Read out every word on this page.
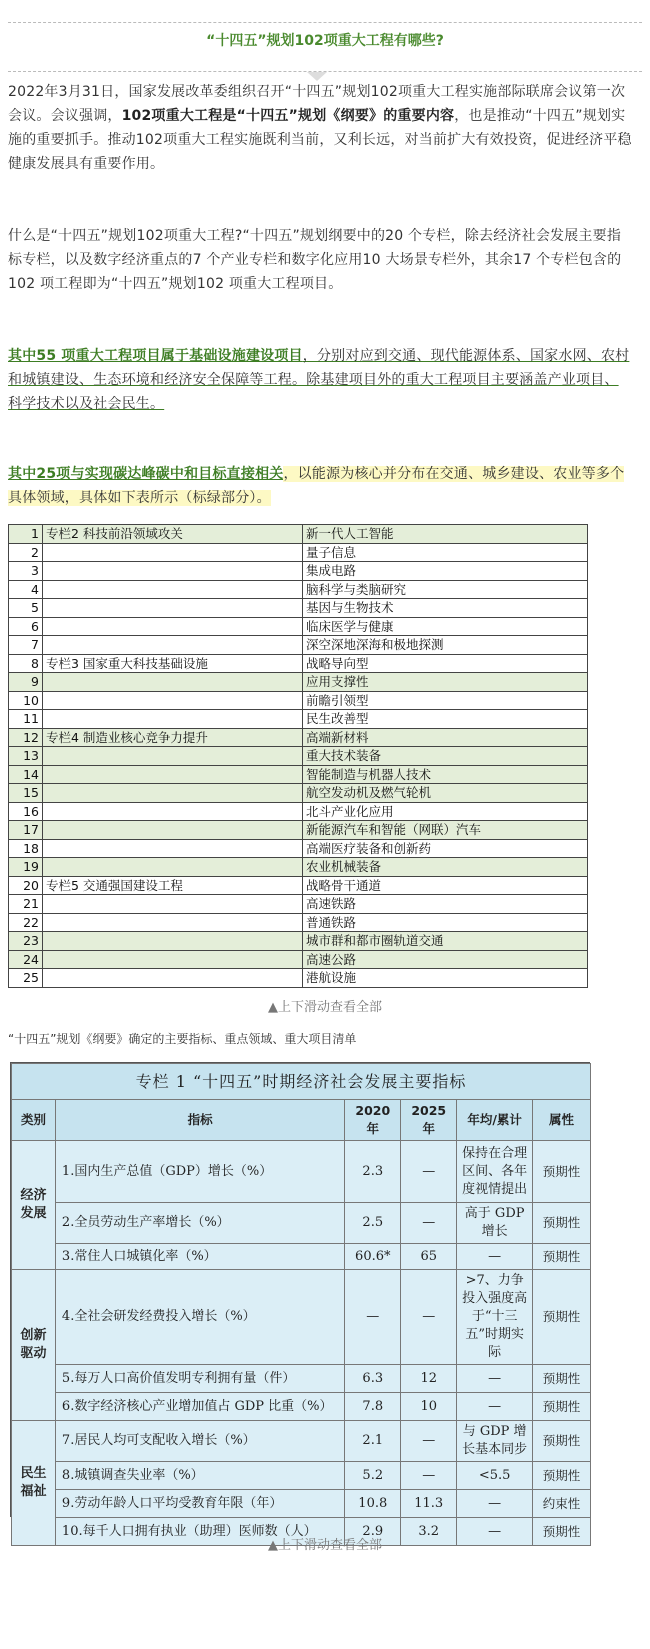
“十四五”规划102项重大工程有哪些?
2022年3月31日，国家发展改革委组织召开“十四五”规划102项重大工程实施部际联席会议第一次会议。会议强调，102项重大工程是“十四五”规划《纲要》的重要内容，也是推动“十四五”规划实施的重要抓手。推动102项重大工程实施既利当前，又利长远，对当前扩大有效投资，促进经济平稳健康发展具有重要作用。
什么是“十四五”规划102项重大工程?“十四五”规划纲要中的20 个专栏，除去经济社会发展主要指标专栏，以及数字经济重点的7 个产业专栏和数字化应用10 大场景专栏外，其余17 个专栏包含的102 项工程即为“十四五”规划102 项重大工程项目。
其中55 项重大工程项目属于基础设施建设项目，分别对应到交通、现代能源体系、国家水网、农村和城镇建设、生态环境和经济安全保障等工程。除基建项目外的重大工程项目主要涵盖产业项目、科学技术以及社会民生。
其中25项与实现碳达峰碳中和目标直接相关，以能源为核心并分布在交通、城乡建设、农业等多个具体领域，具体如下表所示（标绿部分）。
1	专栏2 科技前沿领域攻关	新一代人工智能
2		量子信息
3		集成电路
4		脑科学与类脑研究
5		基因与生物技术
6		临床医学与健康
7		深空深地深海和极地探测
8	专栏3 国家重大科技基础设施	战略导向型
9		应用支撑性
10		前瞻引领型
11		民生改善型
12	专栏4 制造业核心竞争力提升	高端新材料
13		重大技术装备
14		智能制造与机器人技术
15		航空发动机及燃气轮机
16		北斗产业化应用
17		新能源汽车和智能（网联）汽车
18		高端医疗装备和创新药
19		农业机械装备
20	专栏5 交通强国建设工程	战略骨干通道
21		高速铁路
22		普通铁路
23		城市群和都市圈轨道交通
24		高速公路
25		港航设施
▲上下滑动查看全部
“十四五”规划《纲要》确定的主要指标、重点领域、重大项目清单
专栏 1 “十四五”时期经济社会发展主要指标					
类别	指标	2020 年	2025 年	年均/累计	属性
经济发展	1.国内生产总值（GDP）增长（%）	2.3	—	保持在合理区间、各年度视情提出	预期性
	2.全员劳动生产率增长（%）	2.5	—	高于 GDP 增长	预期性
	3.常住人口城镇化率（%）	60.6*	65	—	预期性
创新驱动	4.全社会研发经费投入增长（%）	—	—	>7、力争投入强度高于“十三五”时期实际	预期性
	5.每万人口高价值发明专利拥有量（件）	6.3	12	—	预期性
	6.数字经济核心产业增加值占 GDP 比重（%）	7.8	10	—	预期性
民生福祉	7.居民人均可支配收入增长（%）	2.1	—	与 GDP 增长基本同步	预期性
	8.城镇调查失业率（%）	5.2	—	<5.5	预期性
	9.劳动年龄人口平均受教育年限（年）	10.8	11.3	—	约束性
	10.每千人口拥有执业（助理）医师数（人）	2.9	3.2	—	预期性
▲上下滑动查看全部
